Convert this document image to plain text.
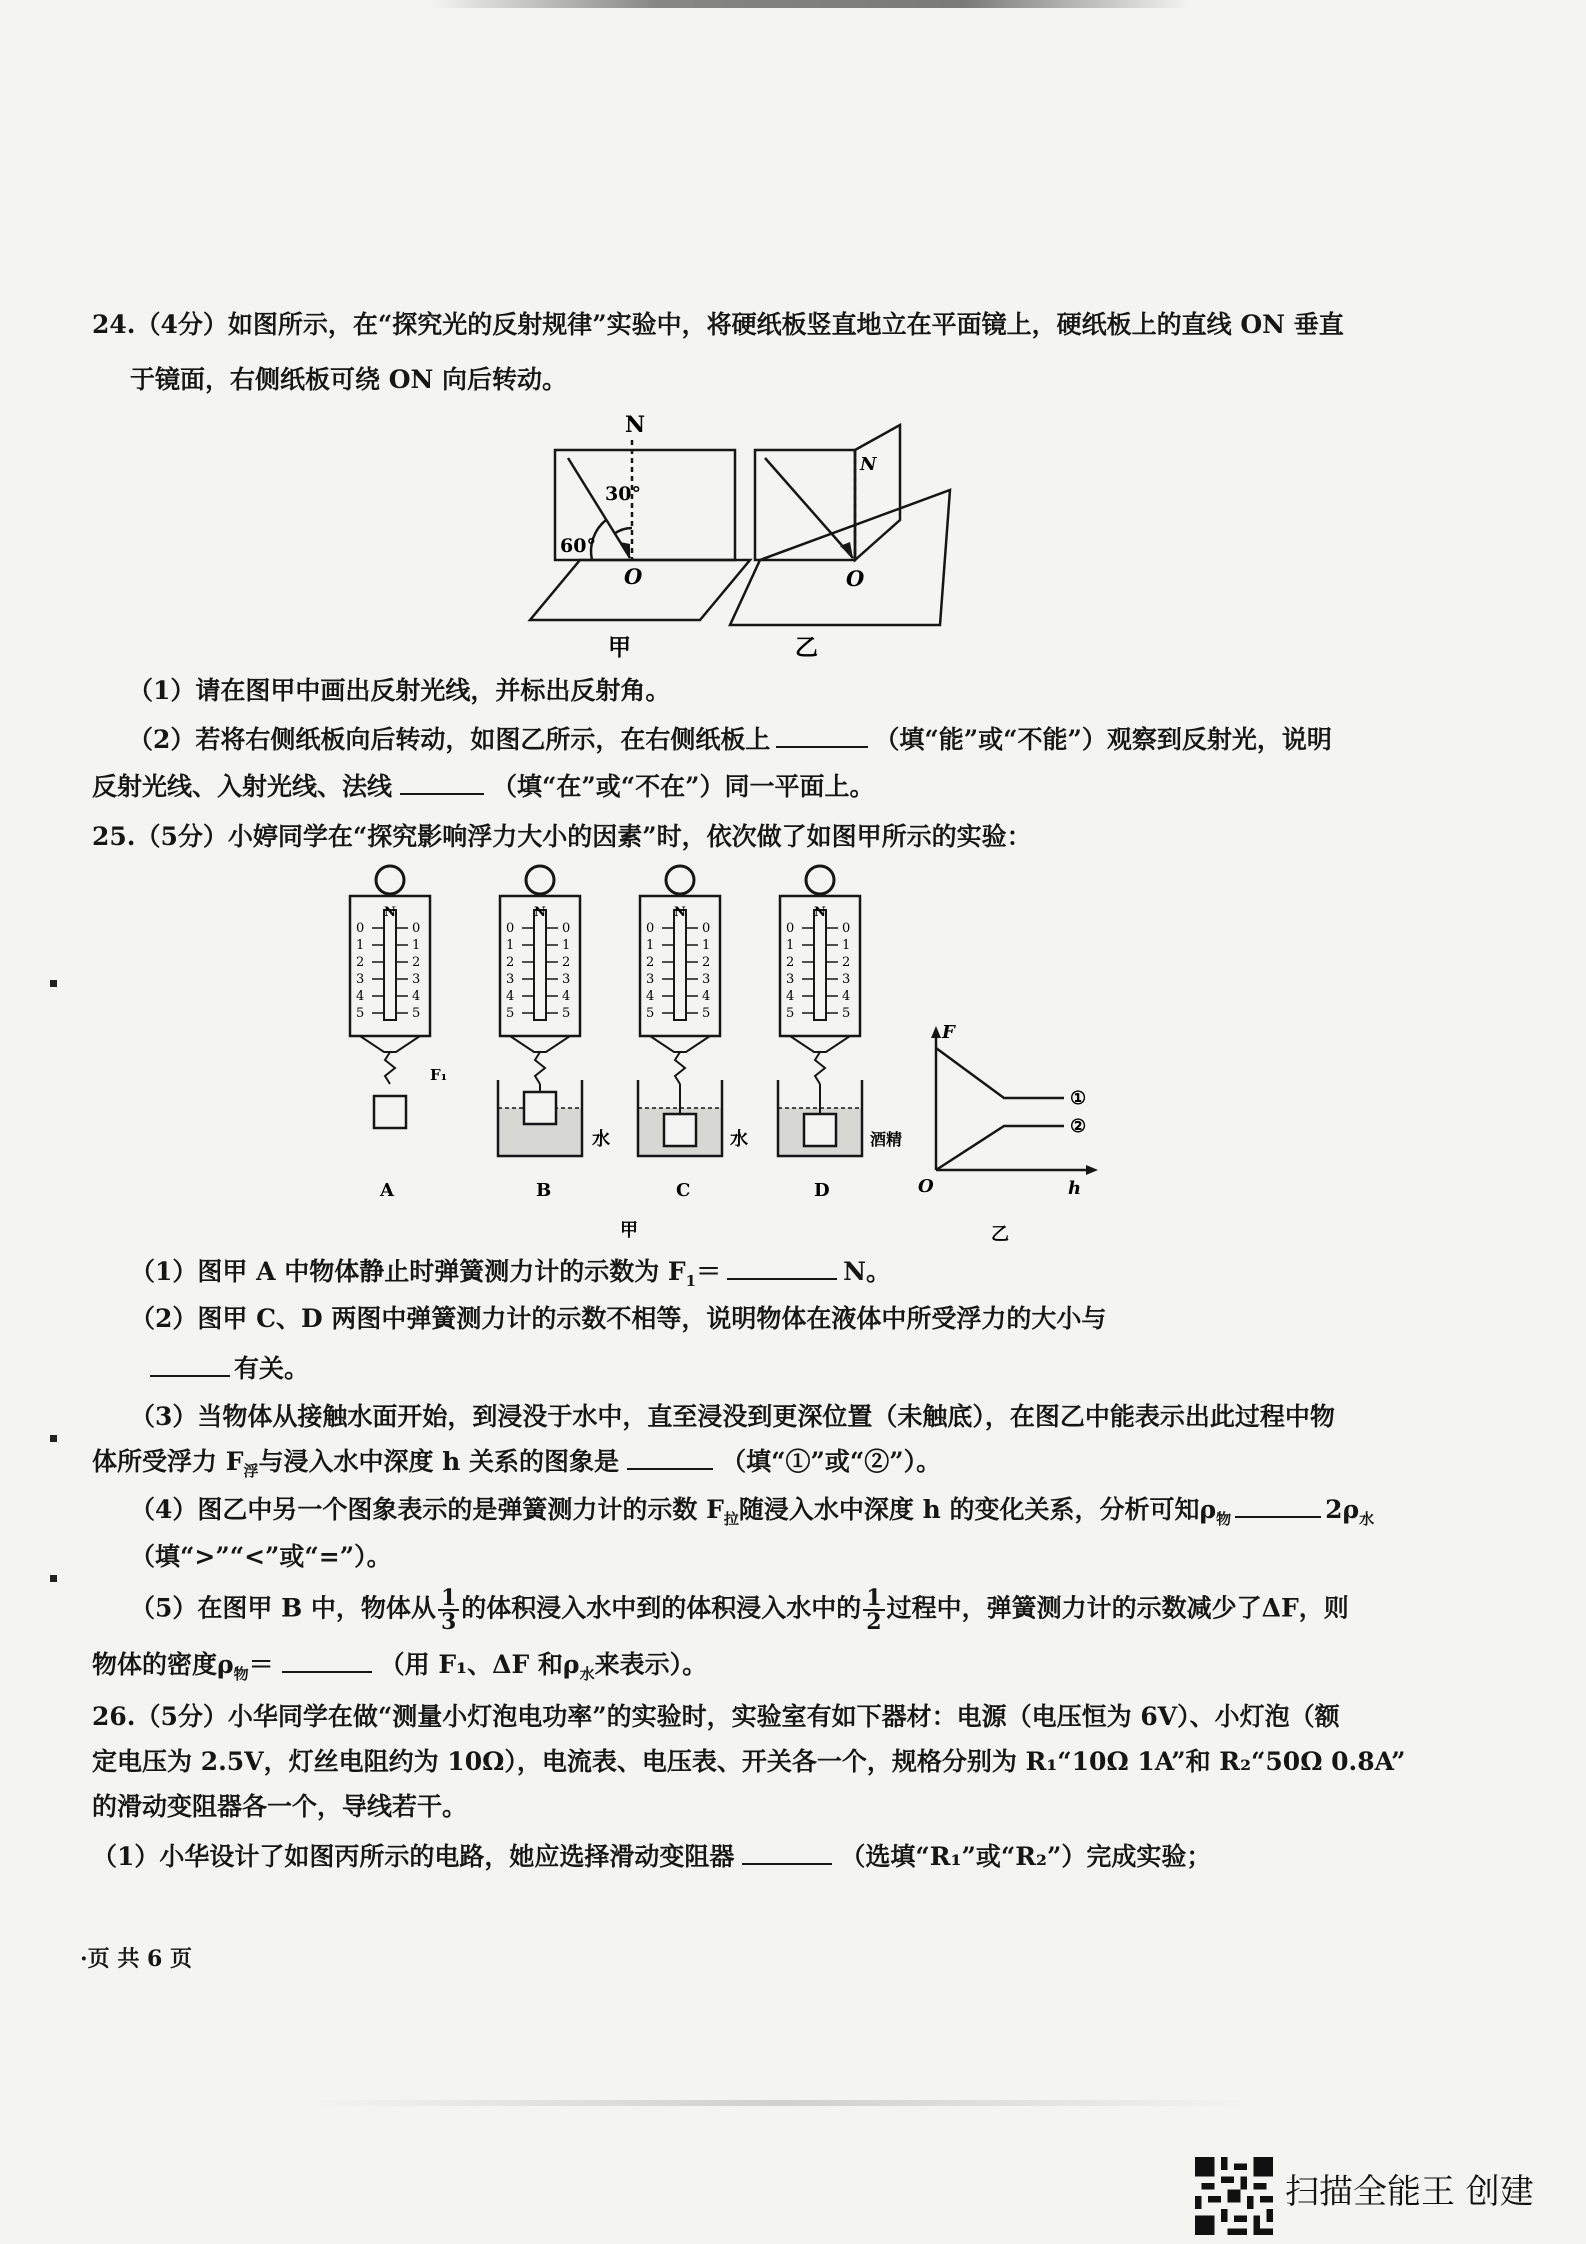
24.（4分）如图所示，在“探究光的反射规律”实验中，将硬纸板竖直地立在平面镜上，硬纸板上的直线 ON 垂直
于镜面，右侧纸板可绕 ON 向后转动。
N
30°
60°
O
N
O
甲	乙
（1）请在图甲中画出反射光线，并标出反射角。
（2）若将右侧纸板向后转动，如图乙所示，在右侧纸板上	（填“能”或“不能”）观察到反射光，说明
反射光线、入射光线、法线	（填“在”或“不在”）同一平面上。
25.（5分）小婷同学在“探究影响浮力大小的因素”时，依次做了如图甲所示的实验：
N
0	0
1	1
2	2
3	3
4	4
5	5
N
0	0
1	1
2	2
3	3
4	4
5	5
N
0	0
1	1
2	2
3	3
4	4
5	5
N
0	0
1	1
2	2
3	3
4	4
5	5
F₁
水	水	酒精
A	B	C	D
甲
F
h
O
①
②
乙
（1）图甲 A 中物体静止时弹簧测力计的示数为 $F_1=$	N。
（2）图甲 C、D 两图中弹簧测力计的示数不相等，说明物体在液体中所受浮力的大小与
有关。
（3）当物体从接触水面开始，到浸没于水中，直至浸没到更深位置（未触底），在图乙中能表示出此过程中物
体所受浮力 $F_浮$与浸入水中深度 h 关系的图象是	（填“①”或“②”）。
（4）图乙中另一个图象表示的是弹簧测力计的示数 $F_拉$随浸入水中深度 h 的变化关系，分析可知$\rho_物$	$2\rho_水$
（填“>”“<”或“=”）。
（5）在图甲 B 中，物体从 $\frac{1}{3}$ 的体积浸入水中到的体积浸入水中的 $\frac{1}{2}$ 过程中，弹簧测力计的示数减少了ΔF，则
物体的密度$\rho_物=$	（用 F₁、ΔF 和$\rho_水$来表示）。
26.（5分）小华同学在做“测量小灯泡电功率”的实验时，实验室有如下器材：电源（电压恒为 6V）、小灯泡（额
定电压为 2.5V，灯丝电阻约为 10Ω），电流表、电压表、开关各一个，规格分别为 R₁“10Ω 1A”和 R₂“50Ω 0.8A”
的滑动变阻器各一个，导线若干。
（1）小华设计了如图丙所示的电路，她应选择滑动变阻器	（选填“R₁”或“R₂”）完成实验；
·页 共 6 页
扫描全能王 创建
